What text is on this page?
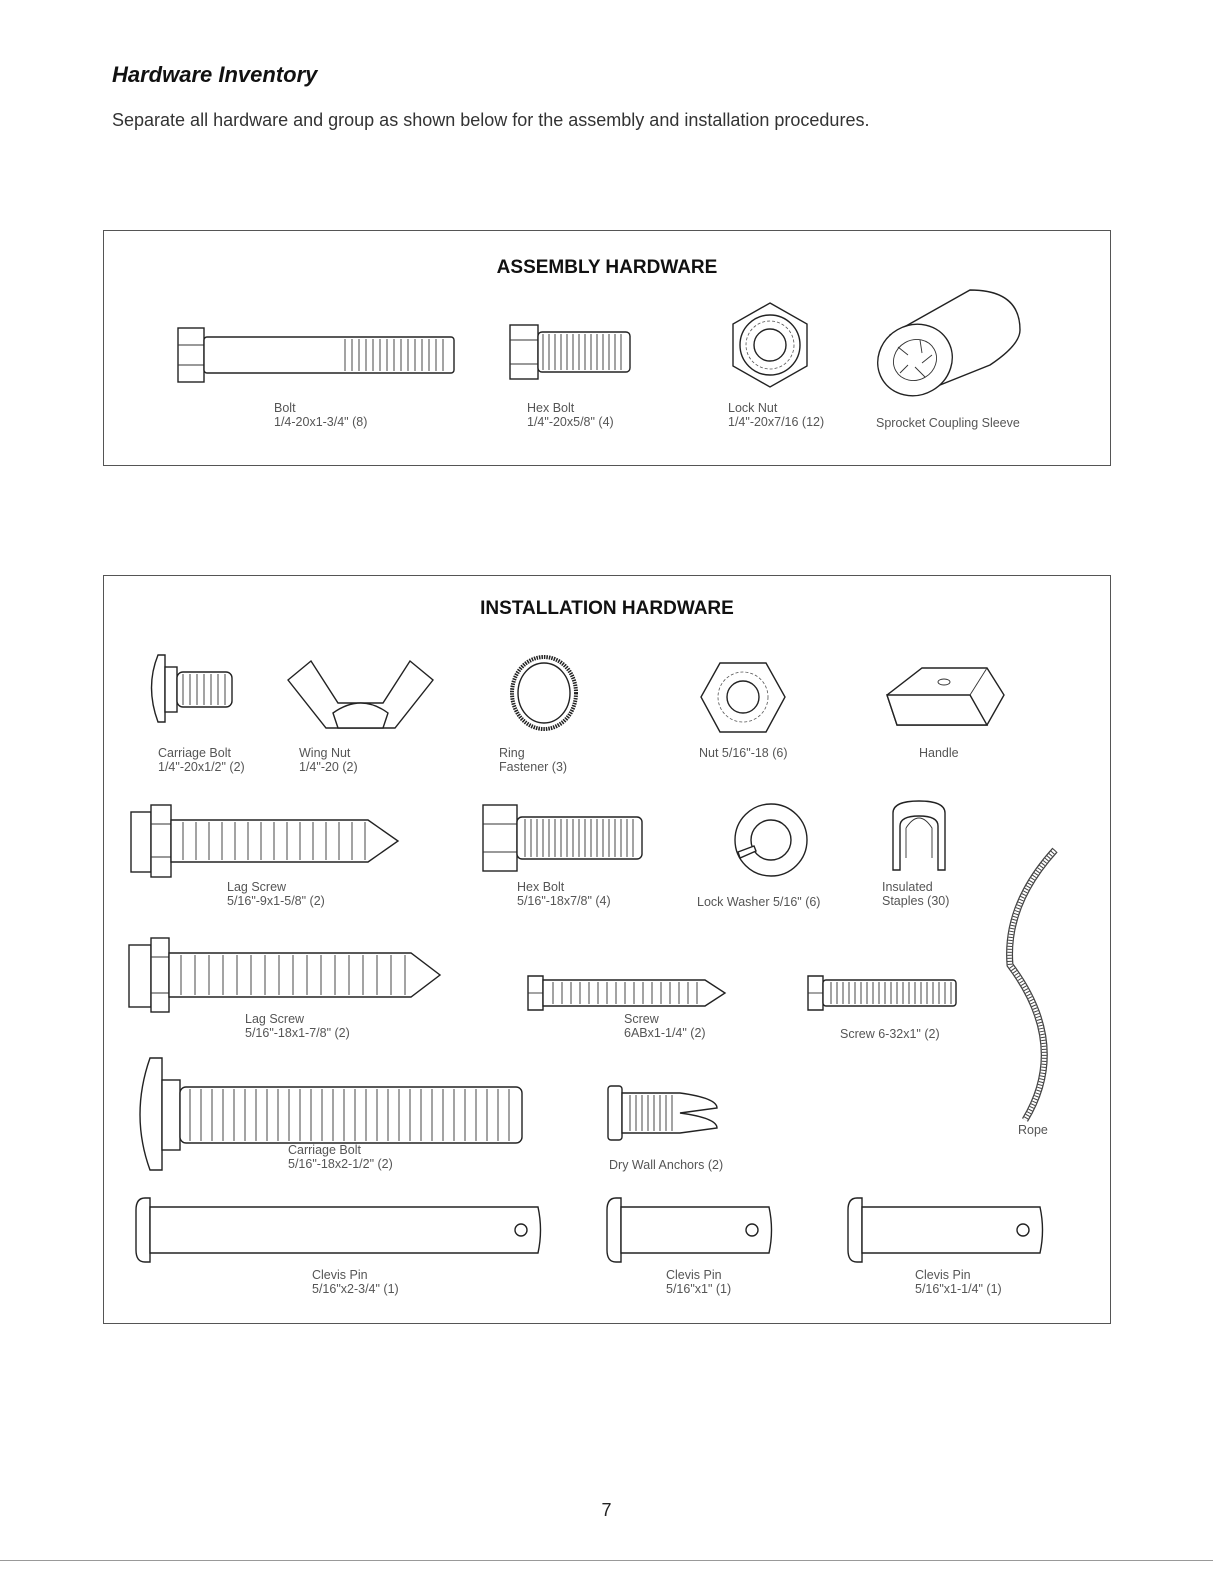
Hardware Inventory
Separate all hardware and group as shown below for the assembly and installation procedures.
ASSEMBLY HARDWARE
Bolt
1/4-20x1-3/4" (8)
Hex Bolt
1/4"-20x5/8" (4)
Lock Nut
1/4"-20x7/16 (12)	Sprocket Coupling Sleeve
INSTALLATION HARDWARE
Carriage Bolt
1/4"-20x1/2" (2)
Wing Nut
1/4"-20 (2)
Ring
Fastener (3)
Nut 5/16"-18 (6)	Handle
Lag Screw
5/16"-9x1-5/8" (2)
Hex Bolt
5/16"-18x7/8" (4)	Lock Washer 5/16" (6)
Insulated
Staples (30)
Lag Screw
5/16"-18x1-7/8" (2)
Screw
6ABx1-1/4" (2)	Screw 6-32x1" (2)
Rope
Carriage Bolt
5/16"-18x2-1/2" (2)	Dry Wall Anchors (2)
Clevis Pin
5/16"x2-3/4" (1)
Clevis Pin
5/16"x1" (1)
Clevis Pin
5/16"x1-1/4" (1)
7
